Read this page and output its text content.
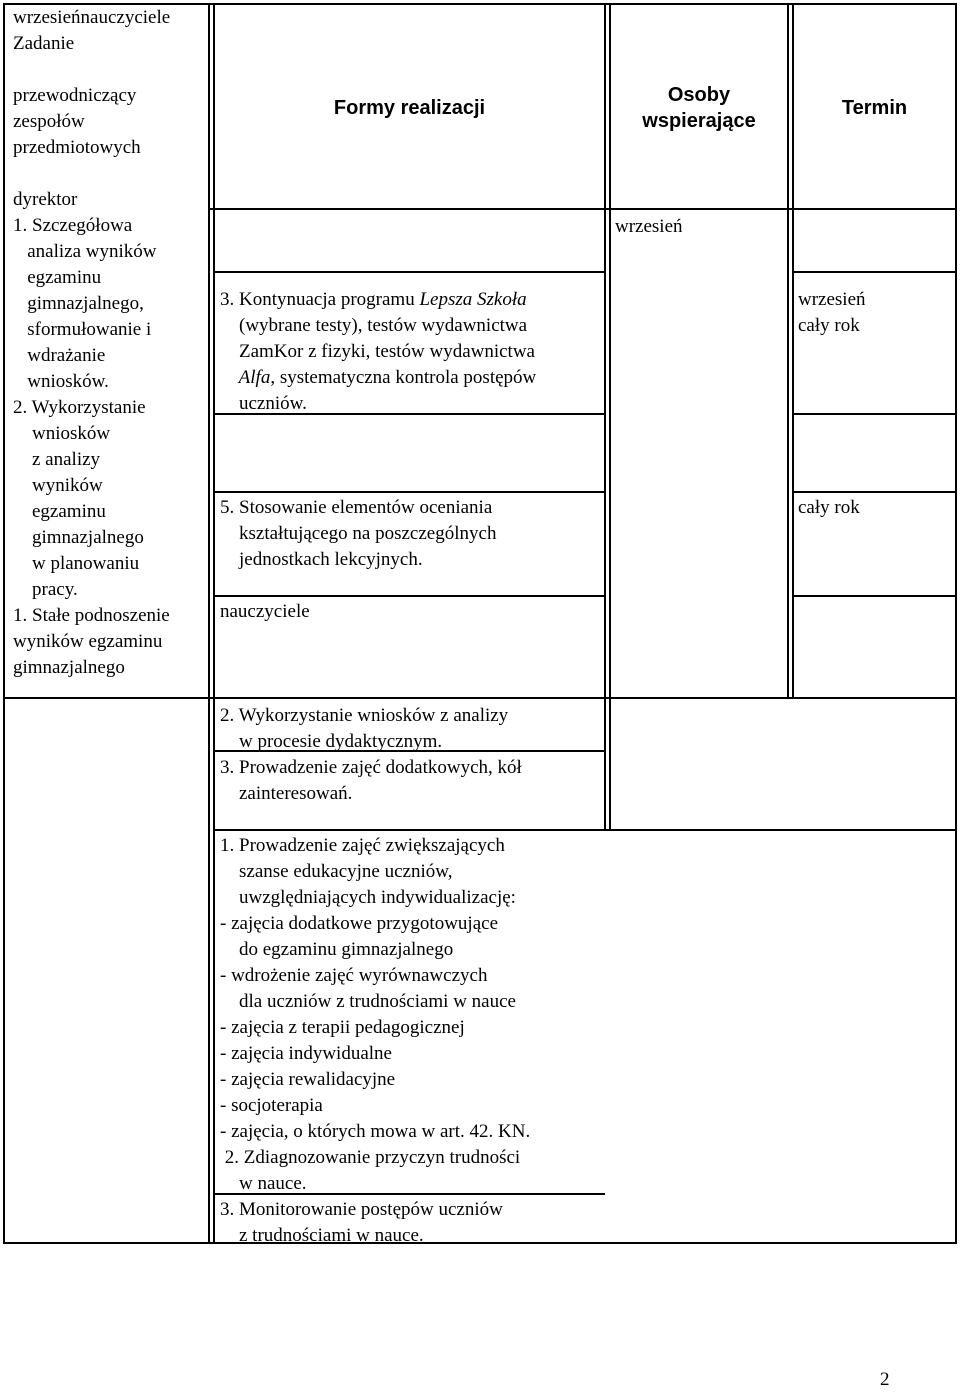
wrzesieńnauczyciele
Zadanie
przewodniczący
zespołów
przedmiotowych
dyrektor
1. Szczegółowa
analiza wyników
egzaminu
gimnazjalnego,
sformułowanie i
wdrażanie
wniosków.
2. Wykorzystanie
wniosków
z analizy
wyników
egzaminu
gimnazjalnego
w planowaniu
pracy.
1. Stałe podnoszenie
wyników egzaminu
gimnazjalnego
Formy realizacji
Osoby
wspierające
Termin
3. Kontynuacja programu Lepsza Szkoła
(wybrane testy), testów wydawnictwa
ZamKor z fizyki, testów wydawnictwa
Alfa, systematyczna kontrola postępów
uczniów.
5. Stosowanie elementów oceniania
kształtującego na poszczególnych
jednostkach lekcyjnych.
nauczyciele
2. Wykorzystanie wniosków z analizy
w procesie dydaktycznym.
3. Prowadzenie zajęć dodatkowych, kół
zainteresowań.
1. Prowadzenie zajęć zwiększających
szanse edukacyjne uczniów,
uwzględniających indywidualizację:
- zajęcia dodatkowe przygotowujące
do egzaminu gimnazjalnego
- wdrożenie zajęć wyrównawczych
dla uczniów z trudnościami w nauce
- zajęcia z terapii pedagogicznej
- zajęcia indywidualne
- zajęcia rewalidacyjne
- socjoterapia
- zajęcia, o których mowa w art. 42. KN.
2. Zdiagnozowanie przyczyn trudności
w nauce.
3. Monitorowanie postępów uczniów
z trudnościami w nauce.
wrzesień
wrzesień
cały rok
cały rok
2
